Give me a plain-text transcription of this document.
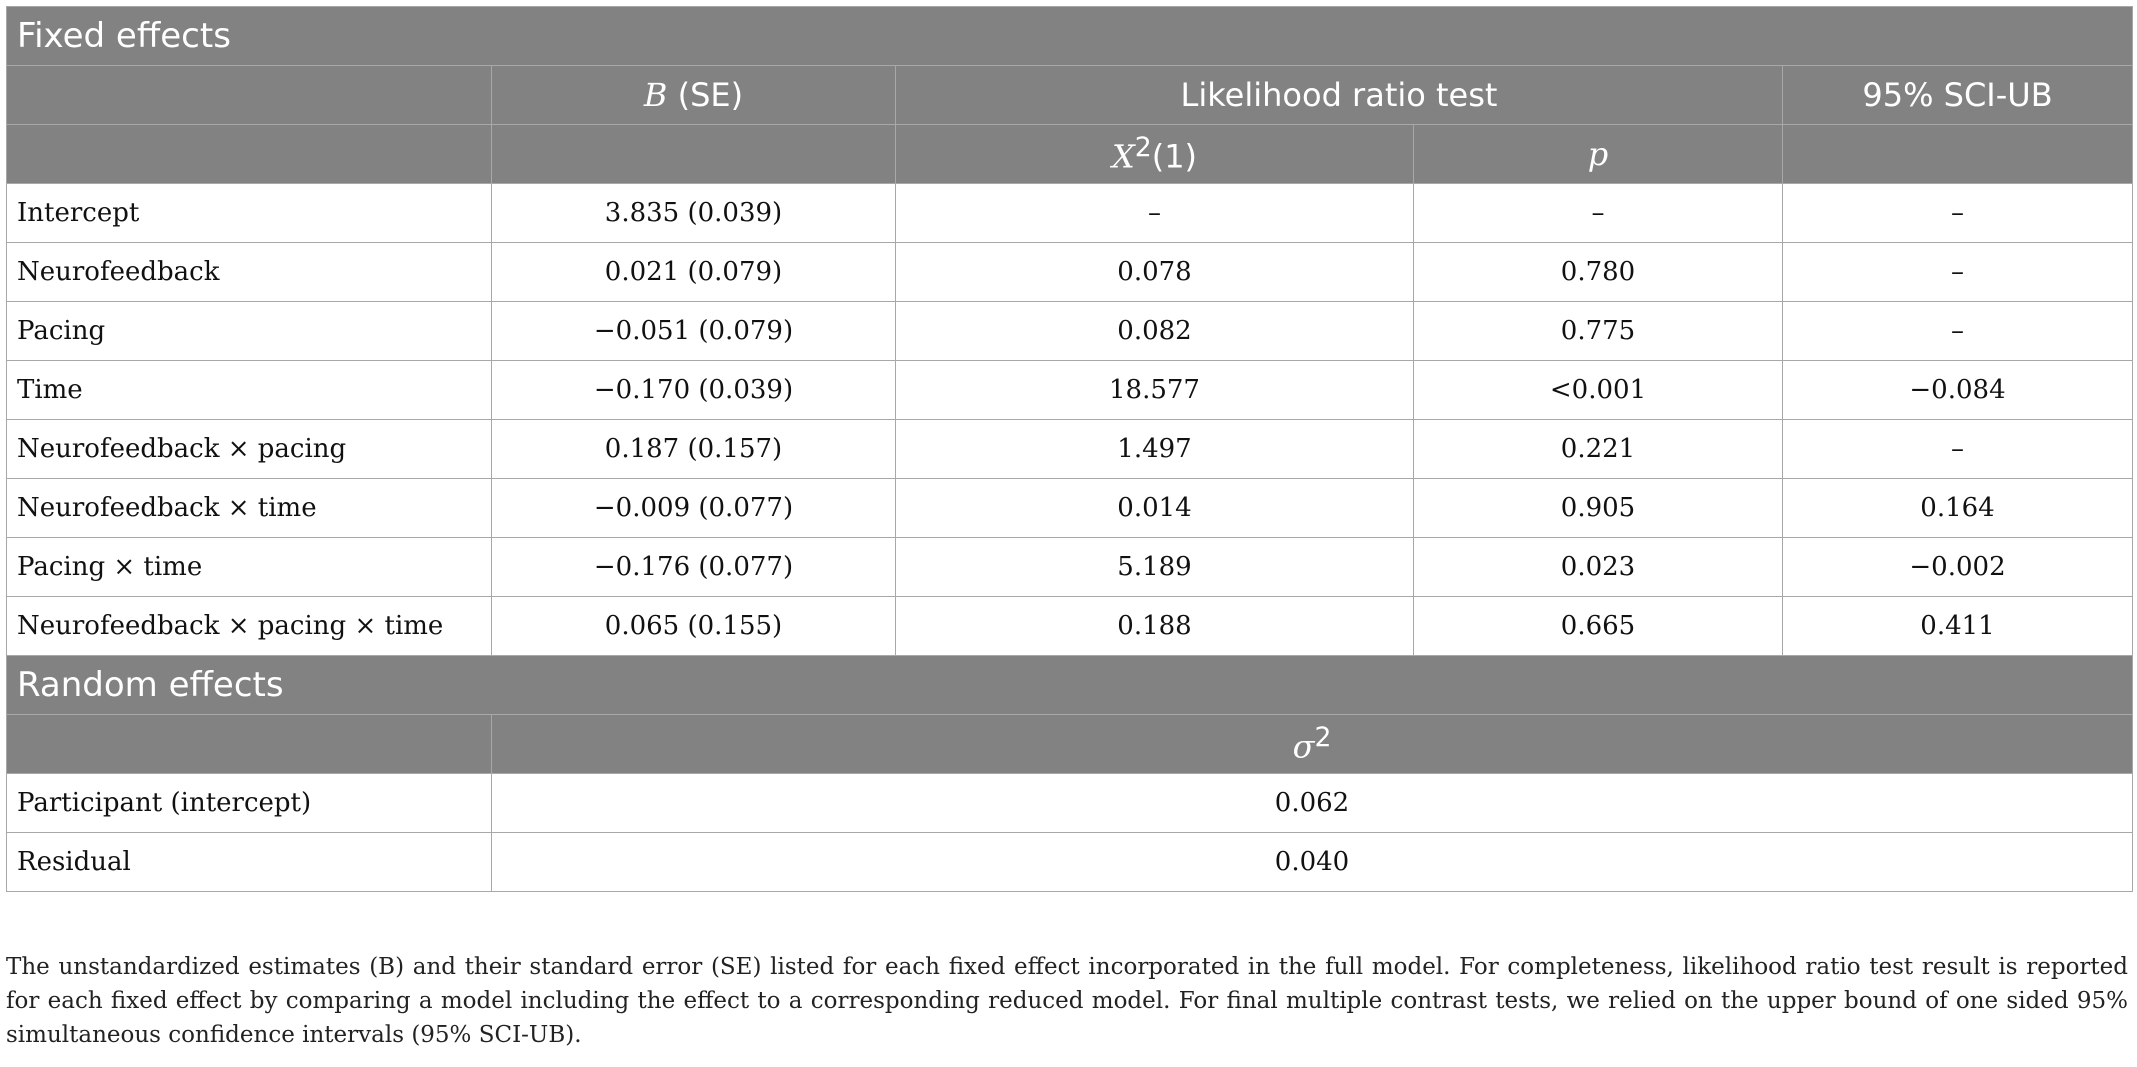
Fixed effects				
	B (SE)	Likelihood ratio test		95% SCI-UB
		$X^2(1)$	p	
Intercept	3.835 (0.039)	–	–	–
Neurofeedback	0.021 (0.079)	0.078	0.780	–
Pacing	−0.051 (0.079)	0.082	0.775	–
Time	−0.170 (0.039)	18.577	<0.001	−0.084
Neurofeedback × pacing	0.187 (0.157)	1.497	0.221	–
Neurofeedback × time	−0.009 (0.077)	0.014	0.905	0.164
Pacing × time	−0.176 (0.077)	5.189	0.023	−0.002
Neurofeedback × pacing × time	0.065 (0.155)	0.188	0.665	0.411
Random effects				
	$\sigma^2$
Participant (intercept)	0.062			
Residual	0.040			
The unstandardized estimates (B) and their standard error (SE) listed for each fixed effect incorporated in the full model. For completeness, likelihood ratio test result is reported for each fixed effect by comparing a model including the effect to a corresponding reduced model. For final multiple contrast tests, we relied on the upper bound of one sided 95% simultaneous confidence intervals (95% SCI-UB).
